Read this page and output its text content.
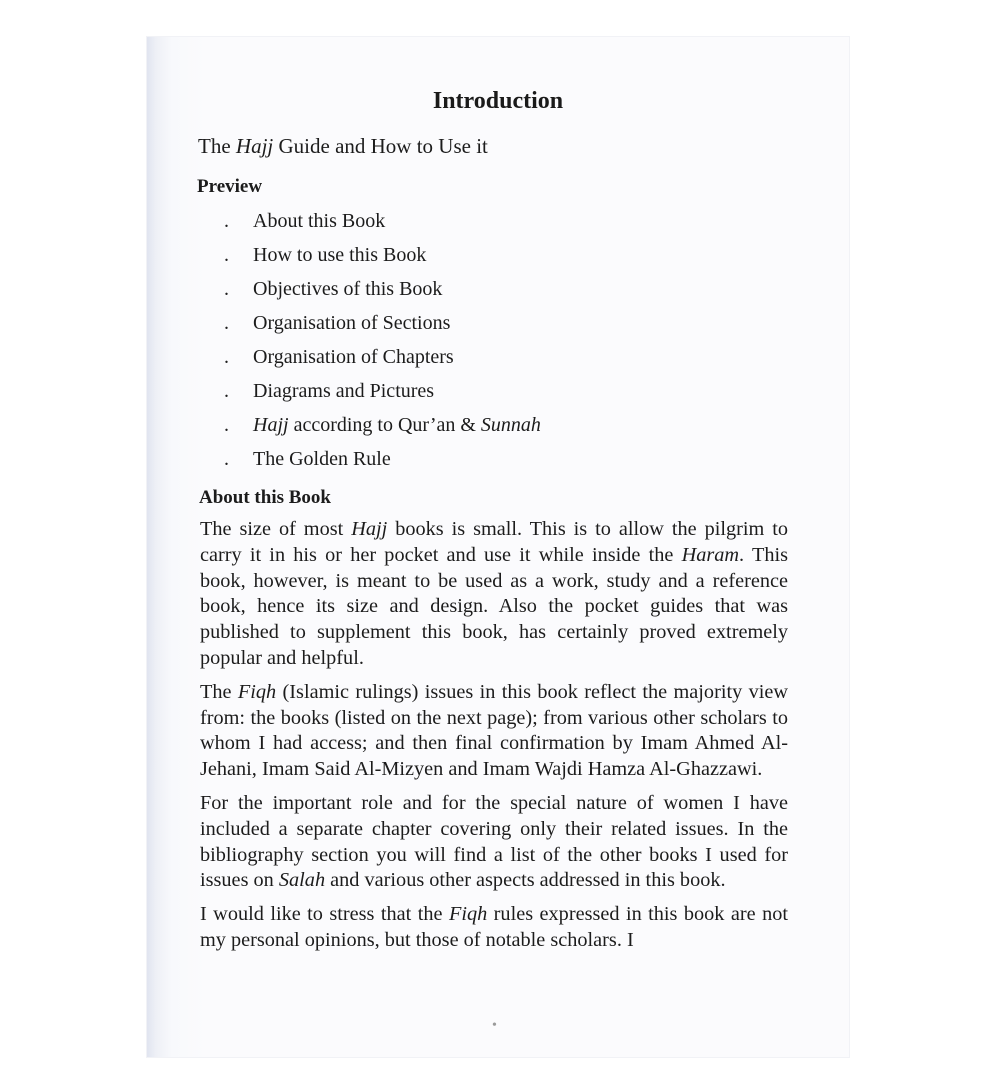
Introduction

The Hajj Guide and How to Use it

Preview
.	About this Book
.	How to use this Book
.	Objectives of this Book
.	Organisation of Sections
.	Organisation of Chapters
.	Diagrams and Pictures
.	Hajj according to Qur’an & Sunnah
.	The Golden Rule
About this Book

The size of most Hajj books is small. This is to allow the pilgrim to carry it in his or her pocket and use it while inside the Haram. This book, however, is meant to be used as a work, study and a reference book, hence its size and design. Also the pocket guides that was published to supplement this book, has certainly proved extremely popular and helpful.

The Fiqh (Islamic rulings) issues in this book reflect the majority view from: the books (listed on the next page); from various other scholars to whom I had access; and then final confirmation by Imam Ahmed Al-Jehani, Imam Said Al-Mizyen and Imam Wajdi Hamza Al-Ghazzawi.

For the important role and for the special nature of women I have included a separate chapter covering only their related issues. In the bibliography section you will find a list of the other books I used for issues on Salah and various other aspects addressed in this book.

I would like to stress that the Fiqh rules expressed in this book are not my personal opinions, but those of notable scholars. I

•
